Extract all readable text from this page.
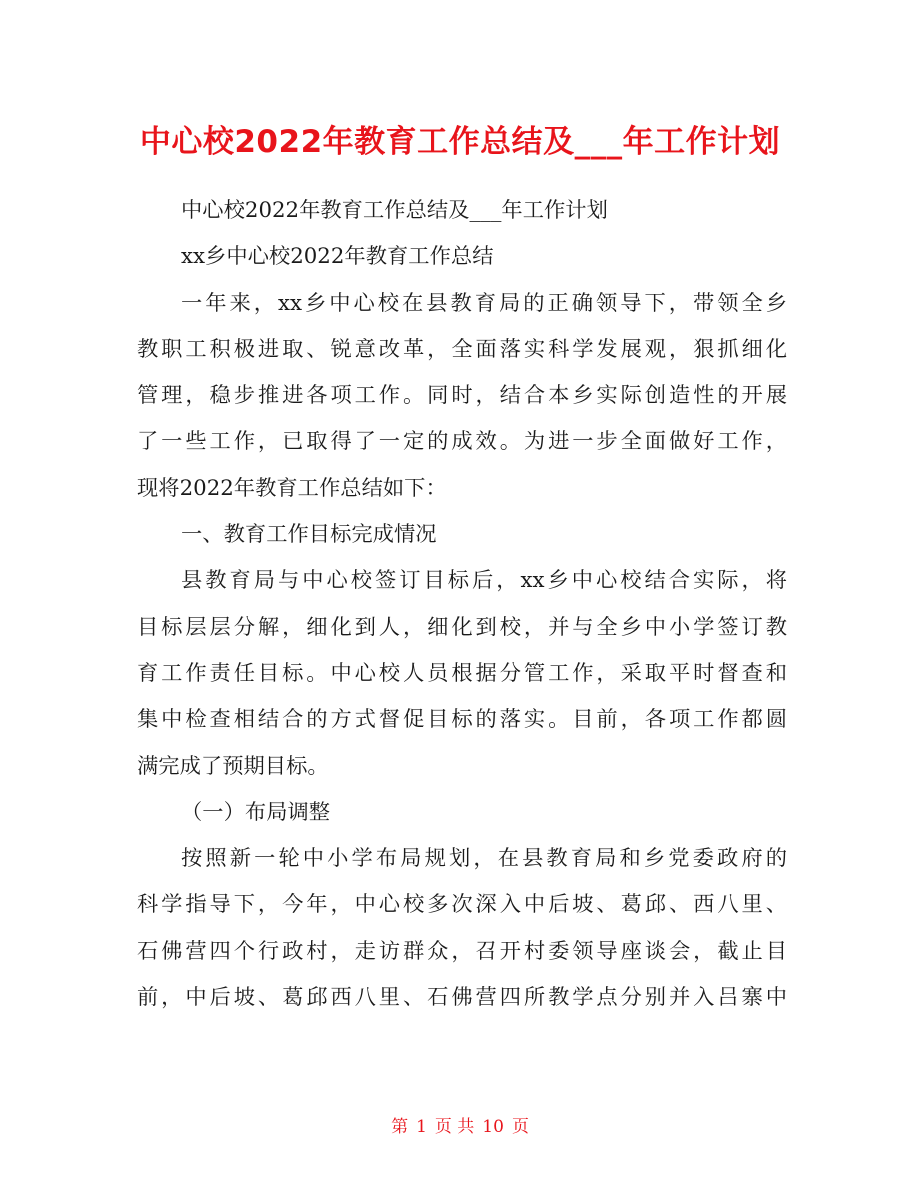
中心校2022年教育工作总结及___年工作计划
中心校2022年教育工作总结及___年工作计划
xx乡中心校2022年教育工作总结
一年来，xx乡中心校在县教育局的正确领导下，带领全乡
教职工积极进取、锐意改革，全面落实科学发展观，狠抓细化
管理，稳步推进各项工作。同时，结合本乡实际创造性的开展
了一些工作，已取得了一定的成效。为进一步全面做好工作，
现将2022年教育工作总结如下：
一、教育工作目标完成情况
县教育局与中心校签订目标后，xx乡中心校结合实际，将
目标层层分解，细化到人，细化到校，并与全乡中小学签订教
育工作责任目标。中心校人员根据分管工作，采取平时督查和
集中检查相结合的方式督促目标的落实。目前，各项工作都圆
满完成了预期目标。
（一）布局调整
按照新一轮中小学布局规划，在县教育局和乡党委政府的
科学指导下，今年，中心校多次深入中后坡、葛邱、西八里、
石佛营四个行政村，走访群众，召开村委领导座谈会，截止目
前，中后坡、葛邱西八里、石佛营四所教学点分别并入吕寨中
第 1 页 共 10 页
